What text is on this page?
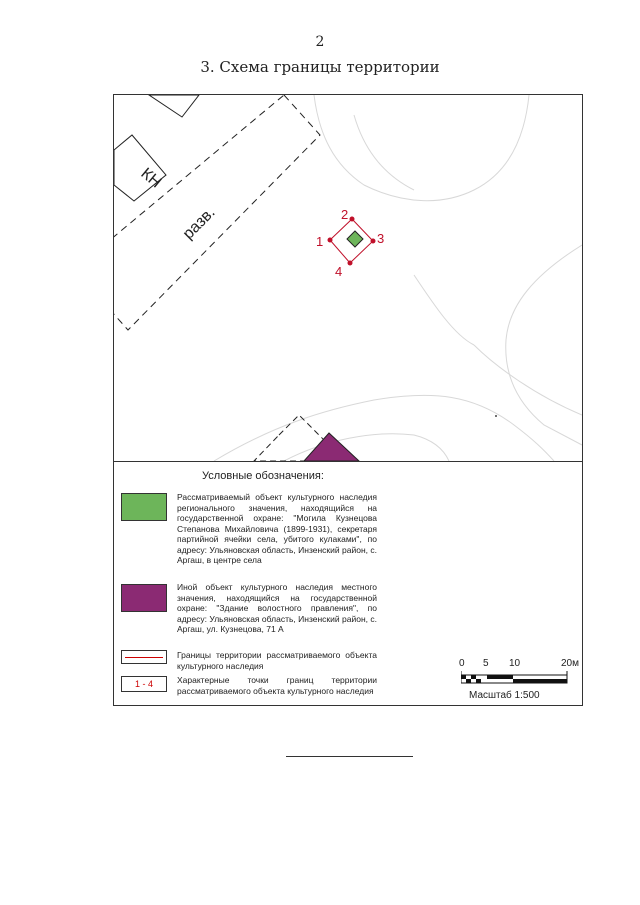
2
3. Схема границы территории
КН
разв.	1
2
3
4
Условные обозначения:
Рассматриваемый объект культурного наследия регионального значения, находящийся на государственной охране: "Могила Кузнецова Степанова Михайловича (1899-1931), секретаря партийной ячейки села, убитого кулаками", по адресу: Ульяновская область, Инзенский район, с. Аргаш, в центре села
Иной объект культурного наследия местного значения, находящийся на государственной охране: "Здание волостного правления", по адресу: Ульяновская область, Инзенский район, с. Аргаш, ул. Кузнецова, 71 А
Границы территории рассматриваемого объекта культурного наследия
1 - 4	Характерные точки границ территории рассматриваемого объекта культурного наследия
0 5 10	20м
Масштаб 1:500
